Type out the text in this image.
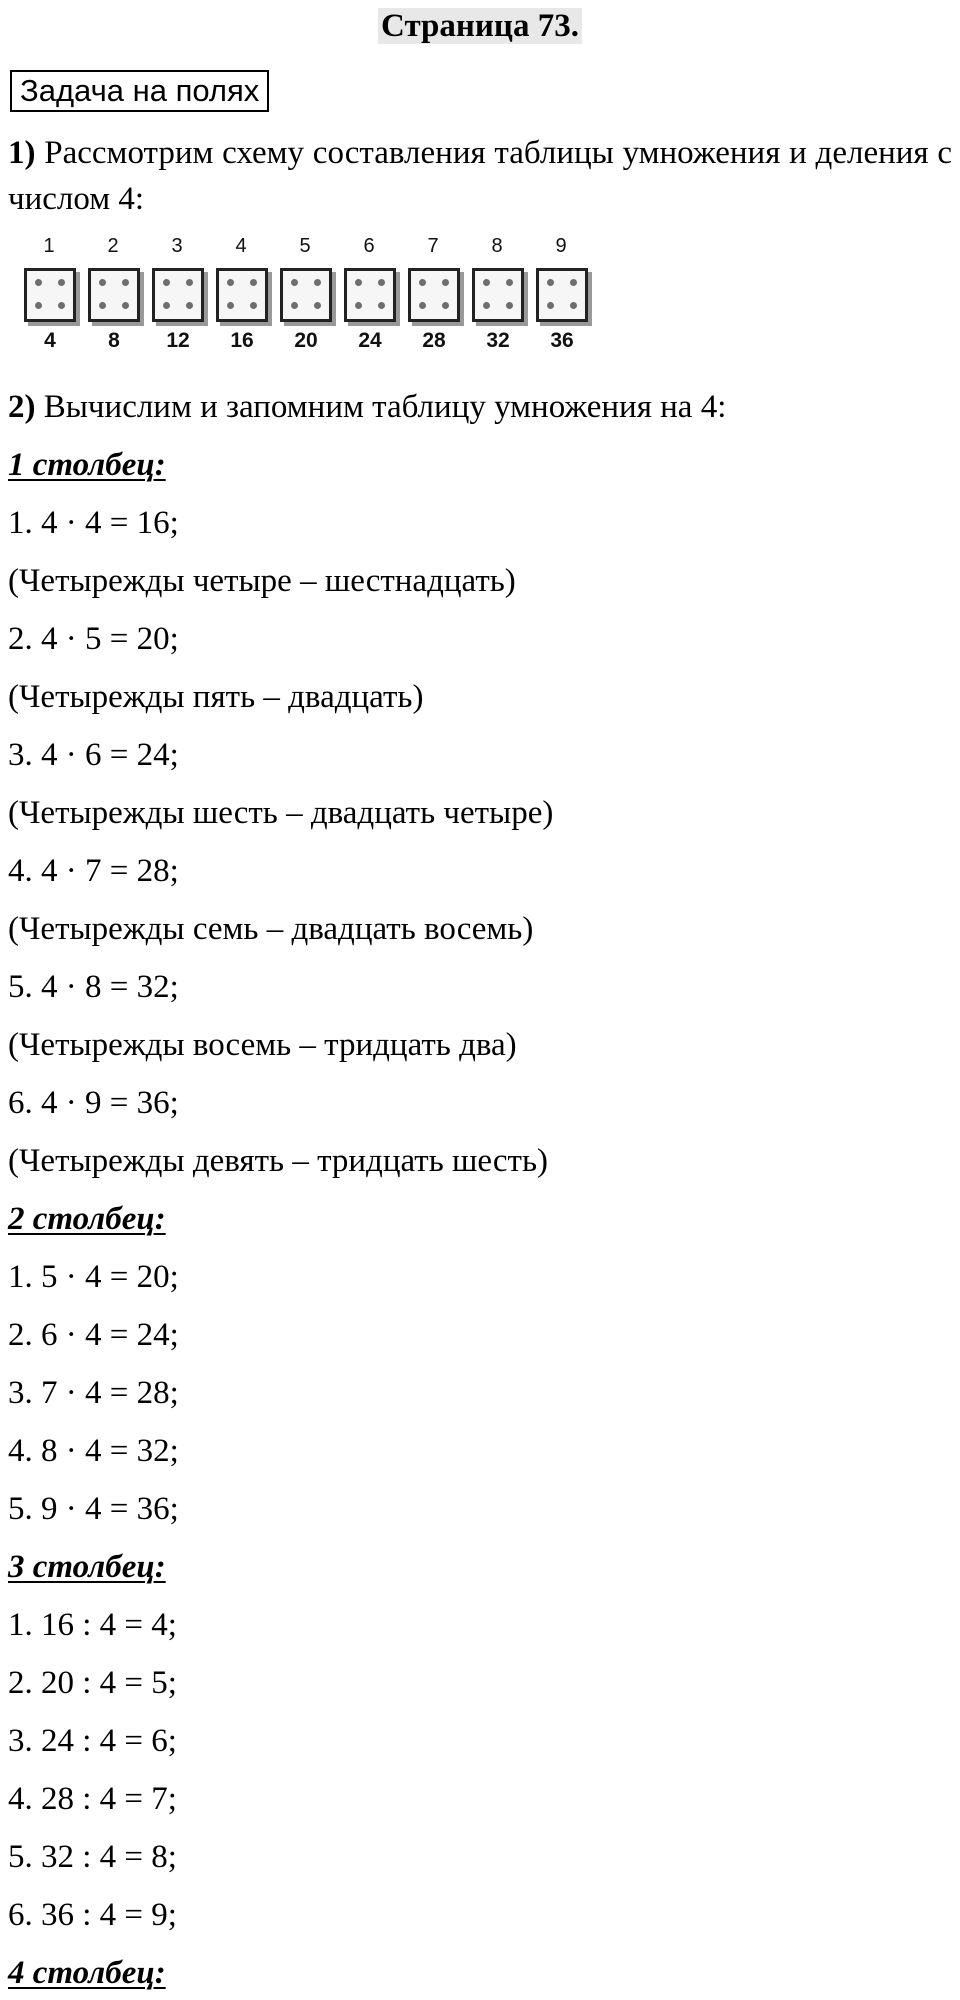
Страница 73.
Задача на полях
1) Рассмотрим схему составления таблицы умножения и деления с числом 4:
1
4
2
8
3
12
4
16
5
20
6
24
7
28
8
32
9
36
2) Вычислим и запомним таблицу умножения на 4:
1 столбец:
1. 4 · 4 = 16;
(Четырежды четыре – шестнадцать)
2. 4 · 5 = 20;
(Четырежды пять – двадцать)
3. 4 · 6 = 24;
(Четырежды шесть – двадцать четыре)
4. 4 · 7 = 28;
(Четырежды семь – двадцать восемь)
5. 4 · 8 = 32;
(Четырежды восемь – тридцать два)
6. 4 · 9 = 36;
(Четырежды девять – тридцать шесть)
2 столбец:
1. 5 · 4 = 20;
2. 6 · 4 = 24;
3. 7 · 4 = 28;
4. 8 · 4 = 32;
5. 9 · 4 = 36;
3 столбец:
1. 16 : 4 = 4;
2. 20 : 4 = 5;
3. 24 : 4 = 6;
4. 28 : 4 = 7;
5. 32 : 4 = 8;
6. 36 : 4 = 9;
4 столбец:
